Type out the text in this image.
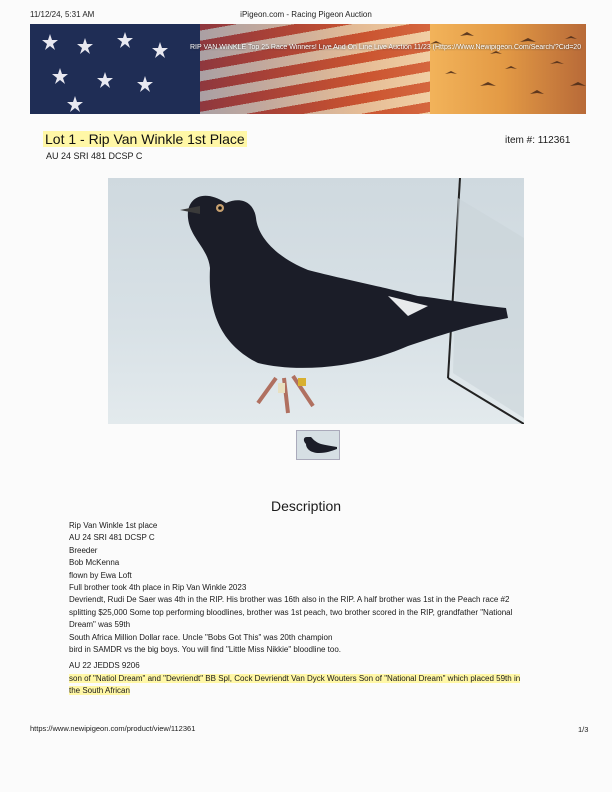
11/12/24, 5:31 AM	iPigeon.com - Racing Pigeon Auction
RIP VAN WINKLE Top 25 Race Winners! Live And On Line Live Auction 11/23 (Https://Www.Newipigeon.Com/Search/?Cid=20
Lot 1 - Rip Van Winkle 1st Place
AU 24 SRI 481 DCSP C
item #: 112361
Description
Rip Van Winkle 1st place
AU 24 SRI 481 DCSP C
Breeder
Bob McKenna
flown by Ewa Loft
Full brother took 4th place in Rip Van Winkle 2023
Devriendt, Rudi De Saer was 4th in the RIP. His brother was 16th also in the RIP. A half brother was 1st in the Peach race #2
splitting $25,000 Some top performing bloodlines, brother was 1st peach, two brother scored in the RIP, grandfather "National
Dream" was 59th
South Africa Million Dollar race. Uncle "Bobs Got This" was 20th champion
bird in SAMDR vs the big boys. You will find "Little Miss Nikkie" bloodline too.
AU 22 JEDDS 9206
son of "Natiol Dream" and "Devriendt" BB Spl, Cock Devriendt Van Dyck Wouters Son of "National Dream" which placed 59th in
the South African
https://www.newipigeon.com/product/view/112361	1/3
